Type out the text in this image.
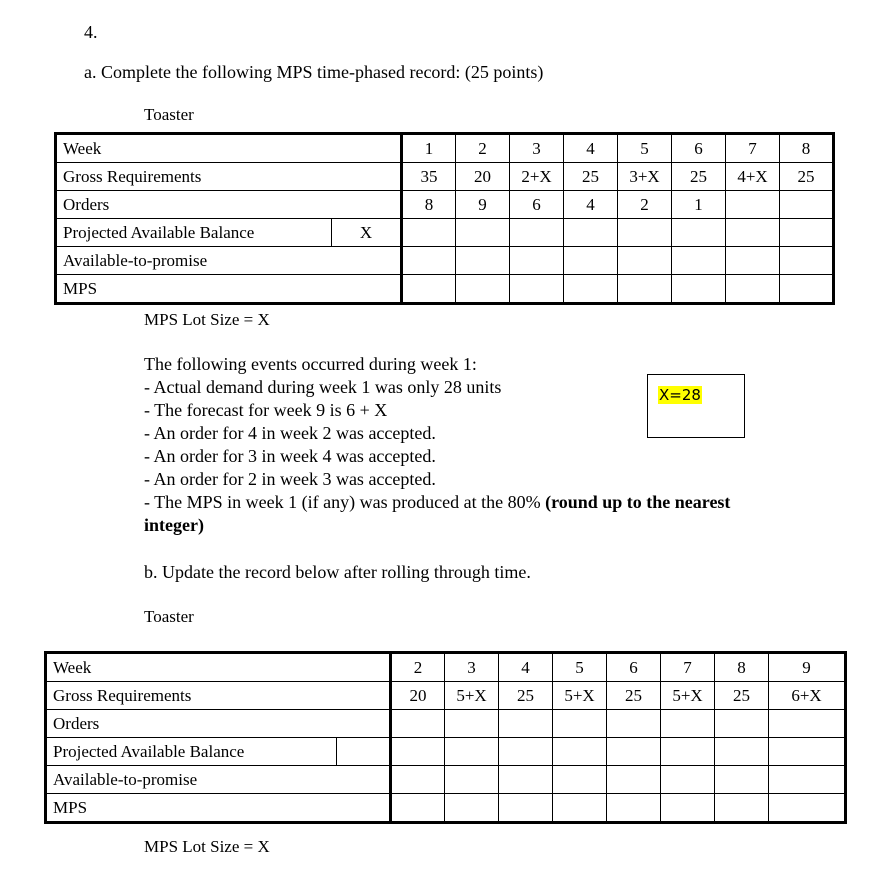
4.
a. Complete the following MPS time-phased record: (25 points)
Toaster
Week		1	2	3	4	5	6	7	8
Gross Requirements		35	20	2+X	25	3+X	25	4+X	25
Orders		8	9	6	4	2	1		
Projected Available Balance	X								
Available-to-promise									
MPS									
MPS Lot Size = X
The following events occurred during week 1:
- Actual demand during week 1 was only 28 units
- The forecast for week 9 is 6 + X
- An order for 4 in week 2 was accepted.
- An order for 3 in week 4 was accepted.
- An order for 2 in week 3 was accepted.
- The MPS in week 1 (if any) was produced at the 80% (round up to the nearest
integer)
X=28
b. Update the record below after rolling through time.
Toaster
Week		2	3	4	5	6	7	8	9
Gross Requirements		20	5+X	25	5+X	25	5+X	25	6+X
Orders									
Projected Available Balance									
Available-to-promise									
MPS									
MPS Lot Size = X
